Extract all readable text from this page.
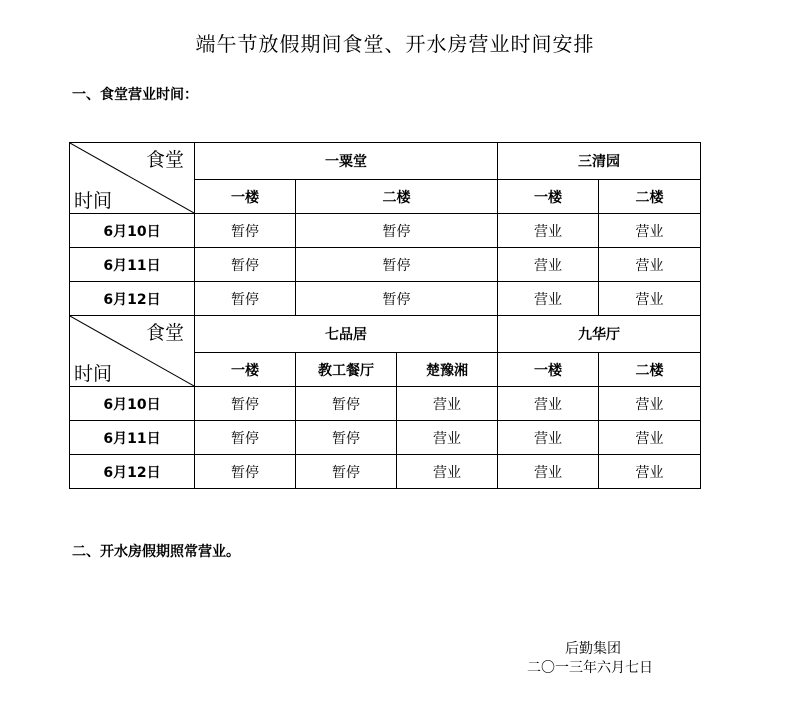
端午节放假期间食堂、开水房营业时间安排
一、食堂营业时间：
食堂
时间	一粟堂			三清园	
	一楼	二楼		一楼	二楼
6月10日	暂停	暂停		营业	营业
6月11日	暂停	暂停		营业	营业
6月12日	暂停	暂停		营业	营业

食堂
时间	七品居			九华厅	
	一楼	教工餐厅	楚豫湘	一楼	二楼
6月10日	暂停	暂停	营业	营业	营业
6月11日	暂停	暂停	营业	营业	营业
6月12日	暂停	暂停	营业	营业	营业
二、开水房假期照常营业。
后勤集团
二〇一三年六月七日
